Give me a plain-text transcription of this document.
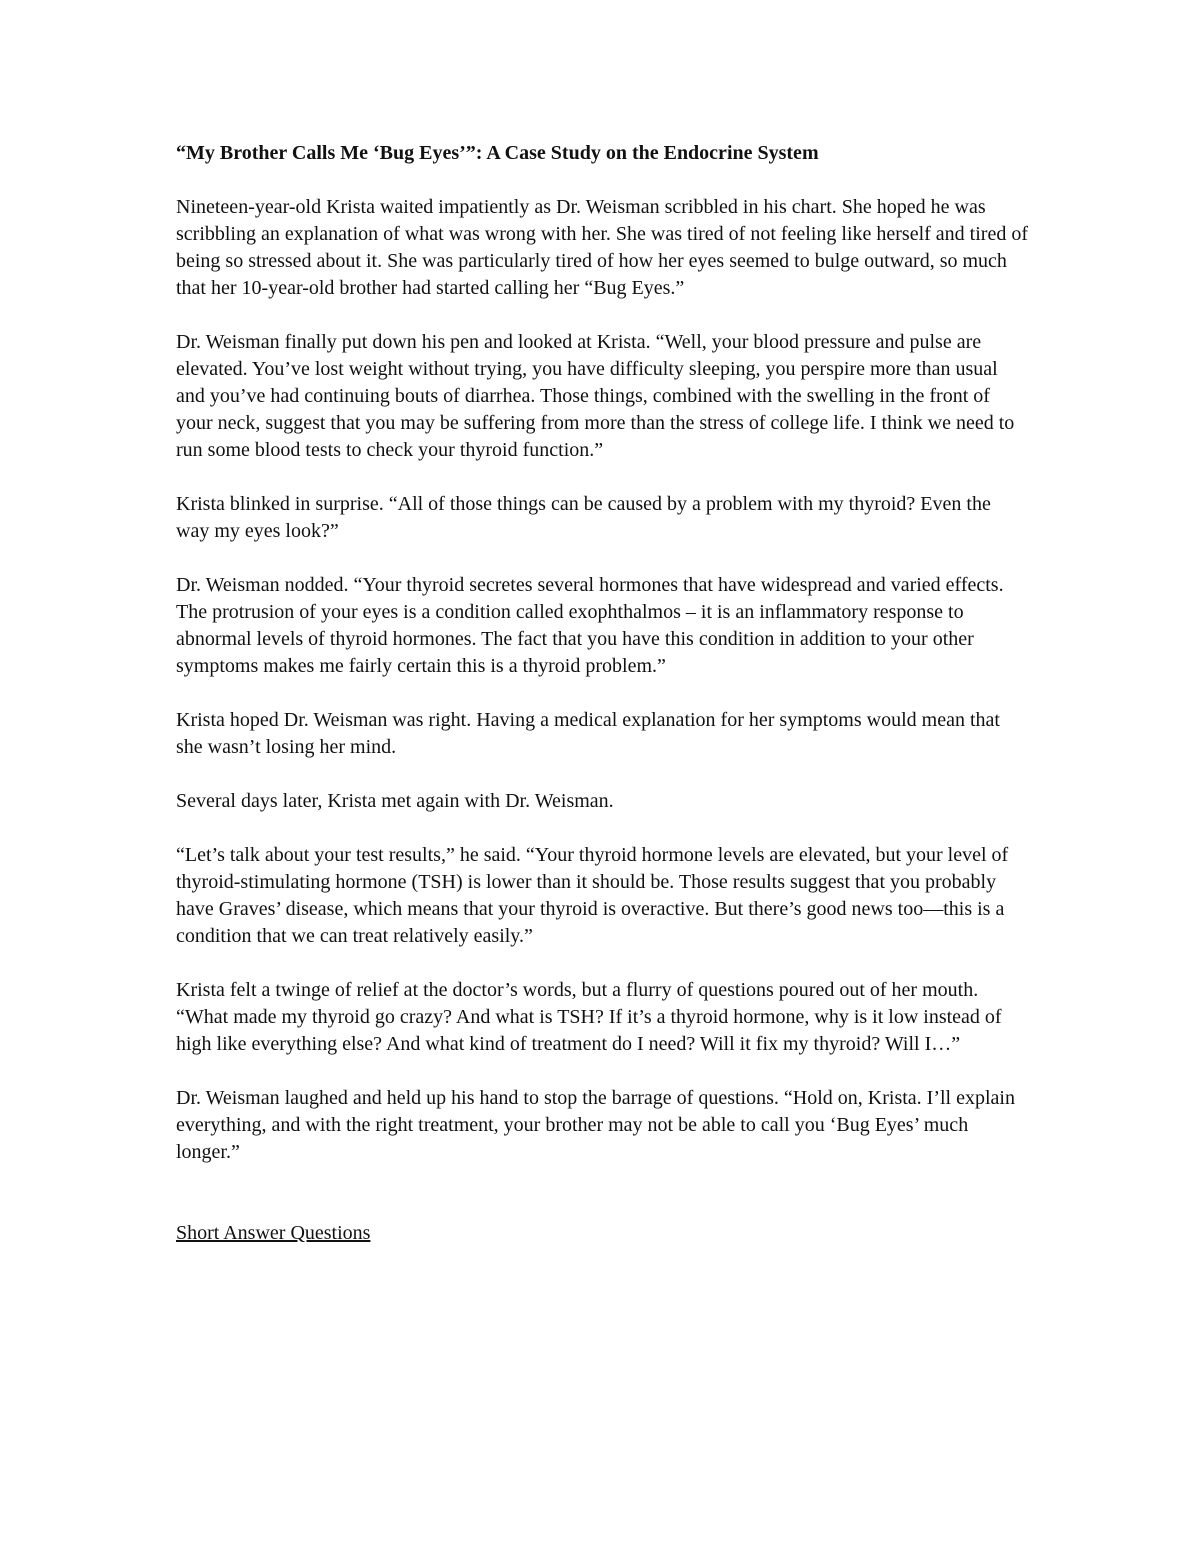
“My Brother Calls Me ‘Bug Eyes’”: A Case Study on the Endocrine System

Nineteen-year-old Krista waited impatiently as Dr. Weisman scribbled in his chart. She hoped he was scribbling an explanation of what was wrong with her. She was tired of not feeling like herself and tired of being so stressed about it. She was particularly tired of how her eyes seemed to bulge outward, so much that her 10-year-old brother had started calling her “Bug Eyes.”

Dr. Weisman finally put down his pen and looked at Krista. “Well, your blood pressure and pulse are elevated. You’ve lost weight without trying, you have difficulty sleeping, you perspire more than usual and you’ve had continuing bouts of diarrhea. Those things, combined with the swelling in the front of your neck, suggest that you may be suffering from more than the stress of college life. I think we need to run some blood tests to check your thyroid function.”

Krista blinked in surprise. “All of those things can be caused by a problem with my thyroid? Even the way my eyes look?”

Dr. Weisman nodded. “Your thyroid secretes several hormones that have widespread and varied effects. The protrusion of your eyes is a condition called exophthalmos – it is an inflammatory response to abnormal levels of thyroid hormones. The fact that you have this condition in addition to your other symptoms makes me fairly certain this is a thyroid problem.”

Krista hoped Dr. Weisman was right. Having a medical explanation for her symptoms would mean that she wasn’t losing her mind.

Several days later, Krista met again with Dr. Weisman.

“Let’s talk about your test results,” he said. “Your thyroid hormone levels are elevated, but your level of thyroid-stimulating hormone (TSH) is lower than it should be. Those results suggest that you probably have Graves’ disease, which means that your thyroid is overactive. But there’s good news too—this is a condition that we can treat relatively easily.”

Krista felt a twinge of relief at the doctor’s words, but a flurry of questions poured out of her mouth. “What made my thyroid go crazy? And what is TSH? If it’s a thyroid hormone, why is it low instead of high like everything else? And what kind of treatment do I need? Will it fix my thyroid? Will I…”

Dr. Weisman laughed and held up his hand to stop the barrage of questions. “Hold on, Krista. I’ll explain everything, and with the right treatment, your brother may not be able to call you ‘Bug Eyes’ much longer.”

Short Answer Questions
